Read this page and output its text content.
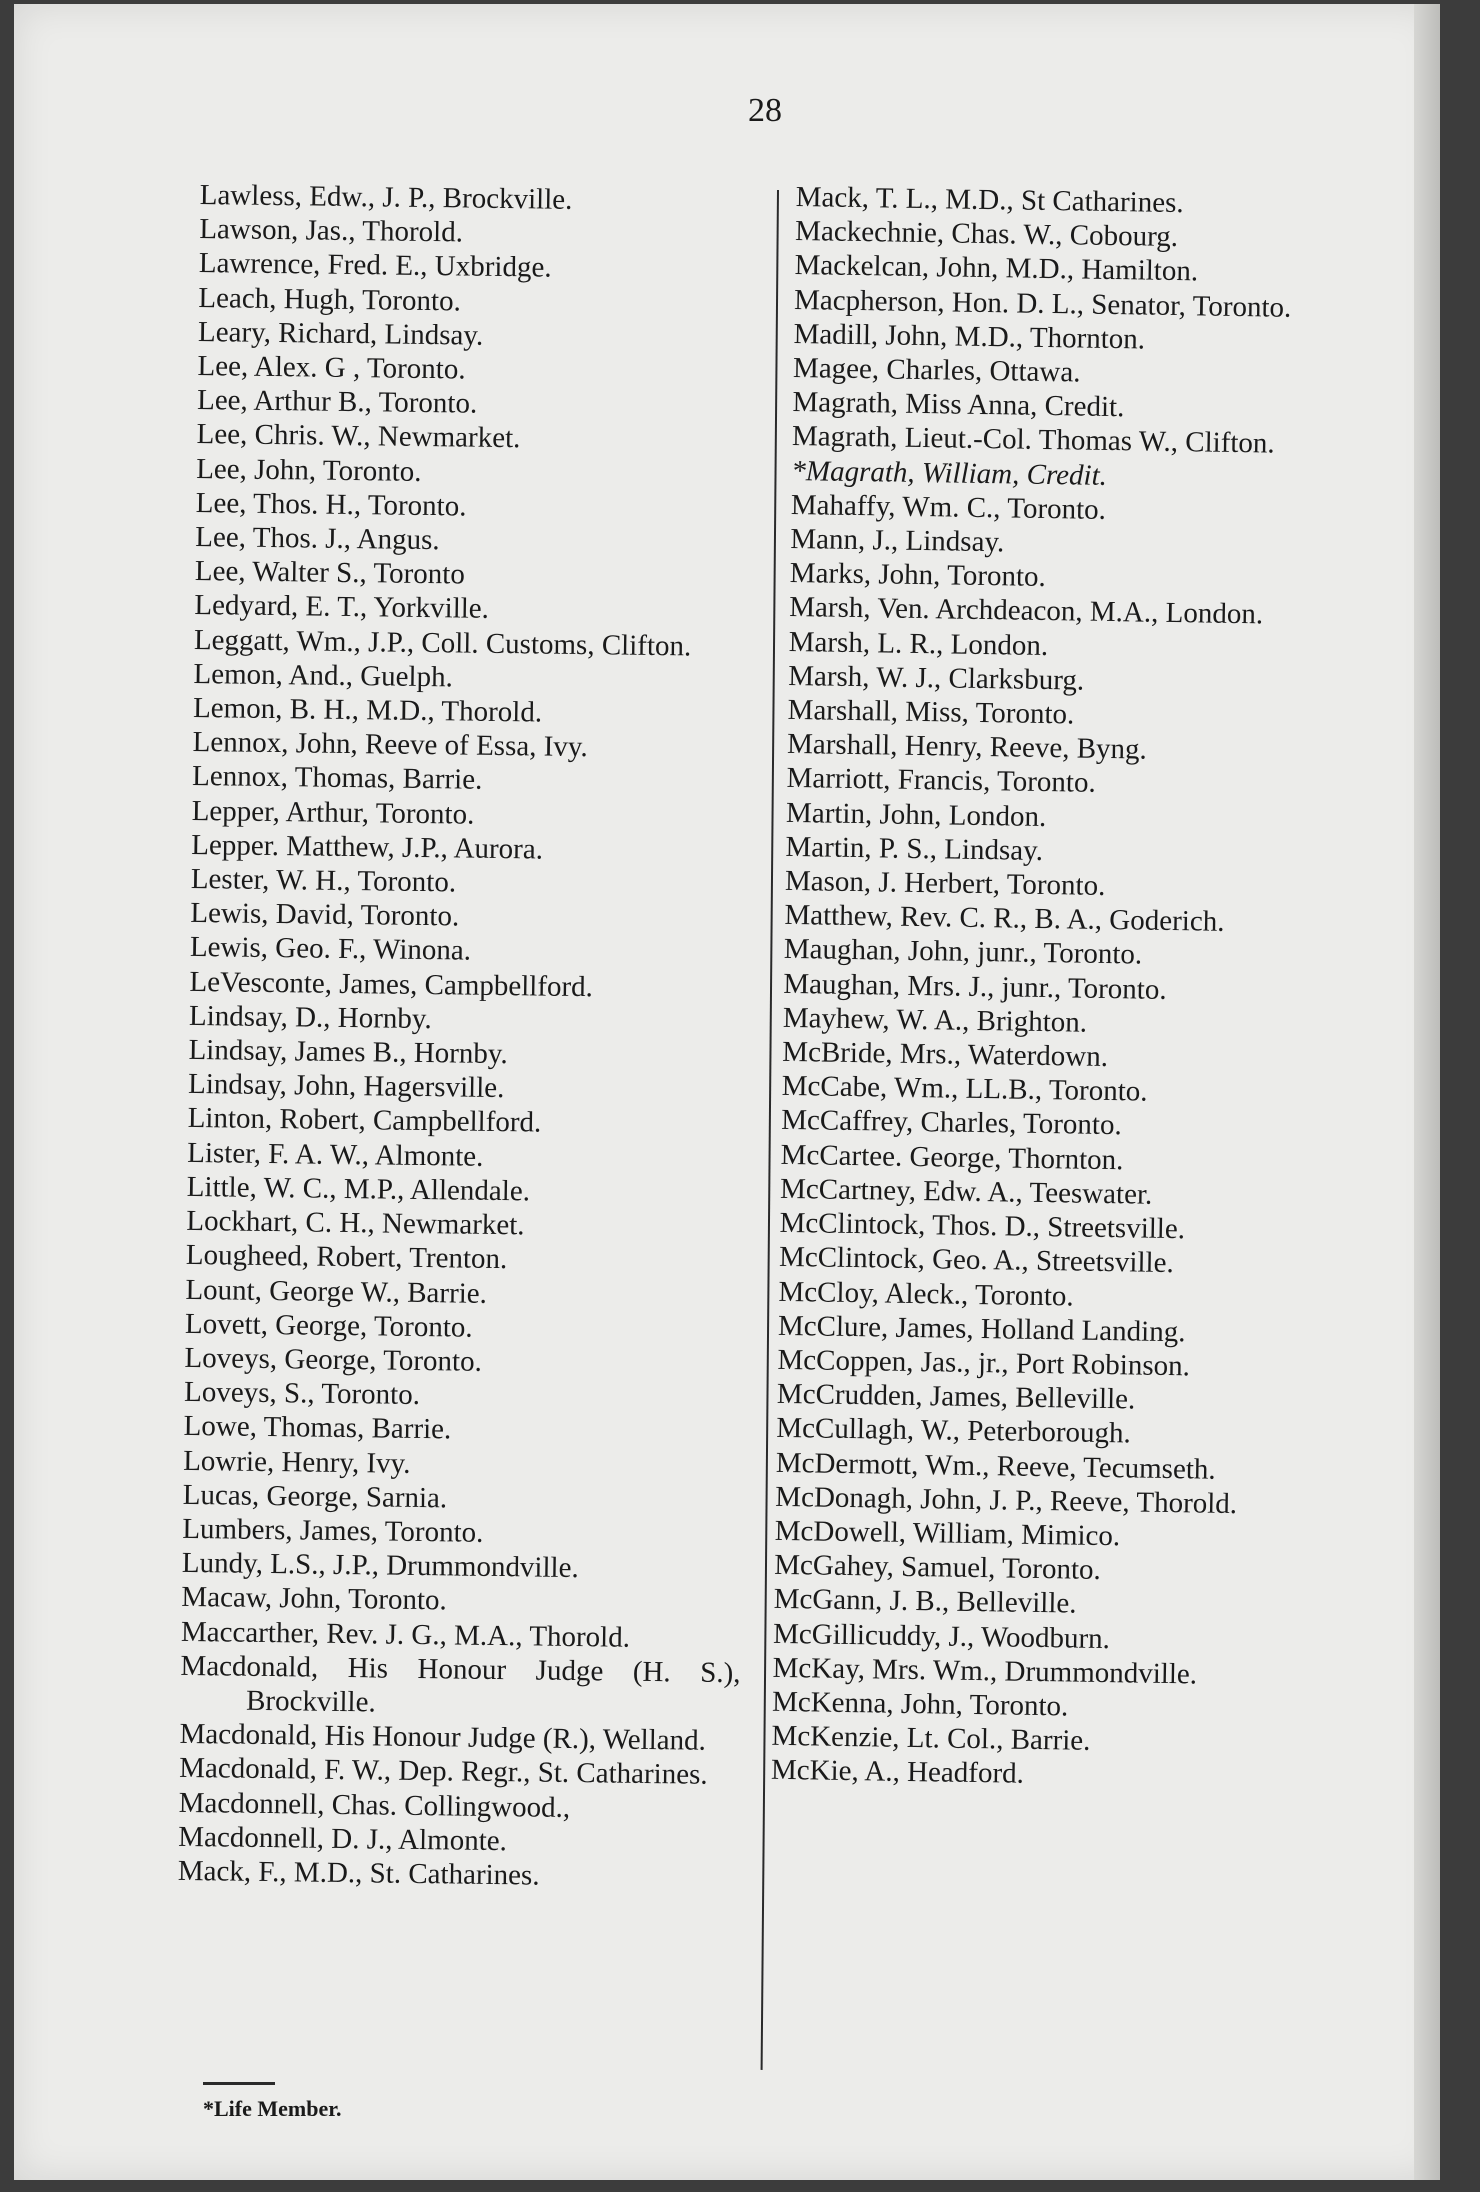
28
Lawless, Edw., J. P., Brockville.
Lawson, Jas., Thorold.
Lawrence, Fred. E., Uxbridge.
Leach, Hugh, Toronto.
Leary, Richard, Lindsay.
Lee, Alex. G , Toronto.
Lee, Arthur B., Toronto.
Lee, Chris. W., Newmarket.
Lee, John, Toronto.
Lee, Thos. H., Toronto.
Lee, Thos. J., Angus.
Lee, Walter S., Toronto
Ledyard, E. T., Yorkville.
Leggatt, Wm., J.P., Coll. Customs, Clifton.
Lemon, And., Guelph.
Lemon, B. H., M.D., Thorold.
Lennox, John, Reeve of Essa, Ivy.
Lennox, Thomas, Barrie.
Lepper, Arthur, Toronto.
Lepper. Matthew, J.P., Aurora.
Lester, W. H., Toronto.
Lewis, David, Toronto.
Lewis, Geo. F., Winona.
LeVesconte, James, Campbellford.
Lindsay, D., Hornby.
Lindsay, James B., Hornby.
Lindsay, John, Hagersville.
Linton, Robert, Campbellford.
Lister, F. A. W., Almonte.
Little, W. C., M.P., Allendale.
Lockhart, C. H., Newmarket.
Lougheed, Robert, Trenton.
Lount, George W., Barrie.
Lovett, George, Toronto.
Loveys, George, Toronto.
Loveys, S., Toronto.
Lowe, Thomas, Barrie.
Lowrie, Henry, Ivy.
Lucas, George, Sarnia.
Lumbers, James, Toronto.
Lundy, L.S., J.P., Drummondville.
Macaw, John, Toronto.
Maccarther, Rev. J. G., M.A., Thorold.
Macdonald, His Honour Judge (H. S.), Brockville.
Macdonald, His Honour Judge (R.), Welland.
Macdonald, F. W., Dep. Regr., St. Catharines.
Macdonnell, Chas. Collingwood.,
Macdonnell, D. J., Almonte.
Mack, F., M.D., St. Catharines.
Mack, T. L., M.D., St Catharines.
Mackechnie, Chas. W., Cobourg.
Mackelcan, John, M.D., Hamilton.
Macpherson, Hon. D. L., Senator, Toronto.
Madill, John, M.D., Thornton.
Magee, Charles, Ottawa.
Magrath, Miss Anna, Credit.
Magrath, Lieut.-Col. Thomas W., Clifton.
*Magrath, William, Credit.
Mahaffy, Wm. C., Toronto.
Mann, J., Lindsay.
Marks, John, Toronto.
Marsh, Ven. Archdeacon, M.A., London.
Marsh, L. R., London.
Marsh, W. J., Clarksburg.
Marshall, Miss, Toronto.
Marshall, Henry, Reeve, Byng.
Marriott, Francis, Toronto.
Martin, John, London.
Martin, P. S., Lindsay.
Mason, J. Herbert, Toronto.
Matthew, Rev. C. R., B. A., Goderich.
Maughan, John, junr., Toronto.
Maughan, Mrs. J., junr., Toronto.
Mayhew, W. A., Brighton.
McBride, Mrs., Waterdown.
McCabe, Wm., LL.B., Toronto.
McCaffrey, Charles, Toronto.
McCartee. George, Thornton.
McCartney, Edw. A., Teeswater.
McClintock, Thos. D., Streetsville.
McClintock, Geo. A., Streetsville.
McCloy, Aleck., Toronto.
McClure, James, Holland Landing.
McCoppen, Jas., jr., Port Robinson.
McCrudden, James, Belleville.
McCullagh, W., Peterborough.
McDermott, Wm., Reeve, Tecumseth.
McDonagh, John, J. P., Reeve, Thorold.
McDowell, William, Mimico.
McGahey, Samuel, Toronto.
McGann, J. B., Belleville.
McGillicuddy, J., Woodburn.
McKay, Mrs. Wm., Drummondville.
McKenna, John, Toronto.
McKenzie, Lt. Col., Barrie.
McKie, A., Headford.
*Life Member.
